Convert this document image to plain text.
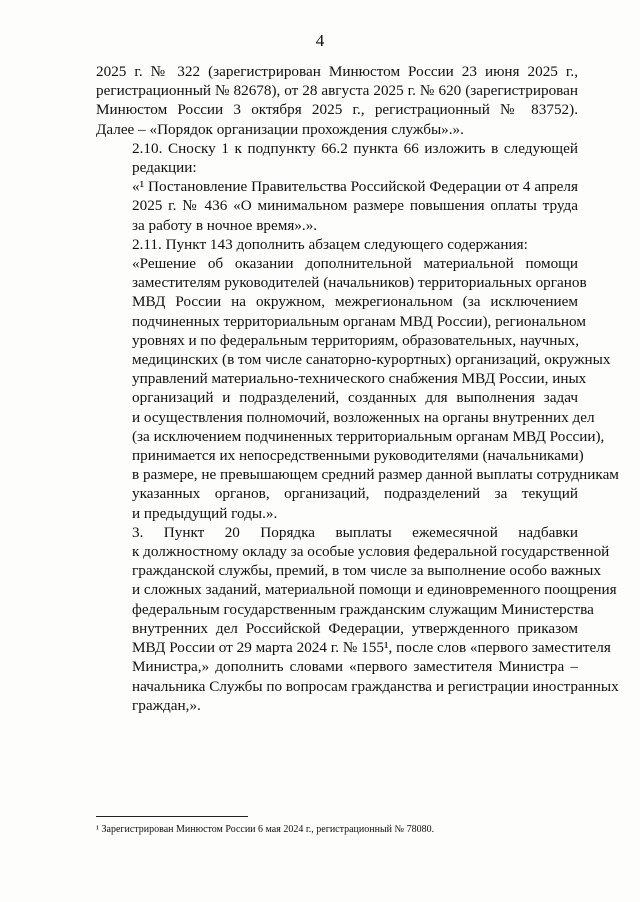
4

2025 г. № 322 (зарегистрирован Минюстом России 23 июня 2025 г.,
регистрационный № 82678), от 28 августа 2025 г. № 620 (зарегистрирован
Минюстом России 3 октября 2025 г., регистрационный № 83752).
Далее – «Порядок организации прохождения службы».».

2.10. Сноску 1 к подпункту 66.2 пункта 66 изложить в следующей
редакции:

«¹ Постановление Правительства Российской Федерации от 4 апреля
2025 г. № 436 «О минимальном размере повышения оплаты труда
за работу в ночное время».».

2.11. Пункт 143 дополнить абзацем следующего содержания:

«Решение об оказании дополнительной материальной помощи
заместителям руководителей (начальников) территориальных органов
МВД России на окружном, межрегиональном (за исключением
подчиненных территориальным органам МВД России), региональном
уровнях и по федеральным территориям, образовательных, научных,
медицинских (в том числе санаторно-курортных) организаций, окружных
управлений материально-технического снабжения МВД России, иных
организаций и подразделений, созданных для выполнения задач
и осуществления полномочий, возложенных на органы внутренних дел
(за исключением подчиненных территориальным органам МВД России),
принимается их непосредственными руководителями (начальниками)
в размере, не превышающем средний размер данной выплаты сотрудникам
указанных органов, организаций, подразделений за текущий
и предыдущий годы.».

3. Пункт 20 Порядка выплаты ежемесячной надбавки
к должностному окладу за особые условия федеральной государственной
гражданской службы, премий, в том числе за выполнение особо важных
и сложных заданий, материальной помощи и единовременного поощрения
федеральным государственным гражданским служащим Министерства
внутренних дел Российской Федерации, утвержденного приказом
МВД России от 29 марта 2024 г. № 155¹, после слов «первого заместителя
Министра,» дополнить словами «первого заместителя Министра –
начальника Службы по вопросам гражданства и регистрации иностранных
граждан,».

¹ Зарегистрирован Минюстом России 6 мая 2024 г., регистрационный № 78080.
